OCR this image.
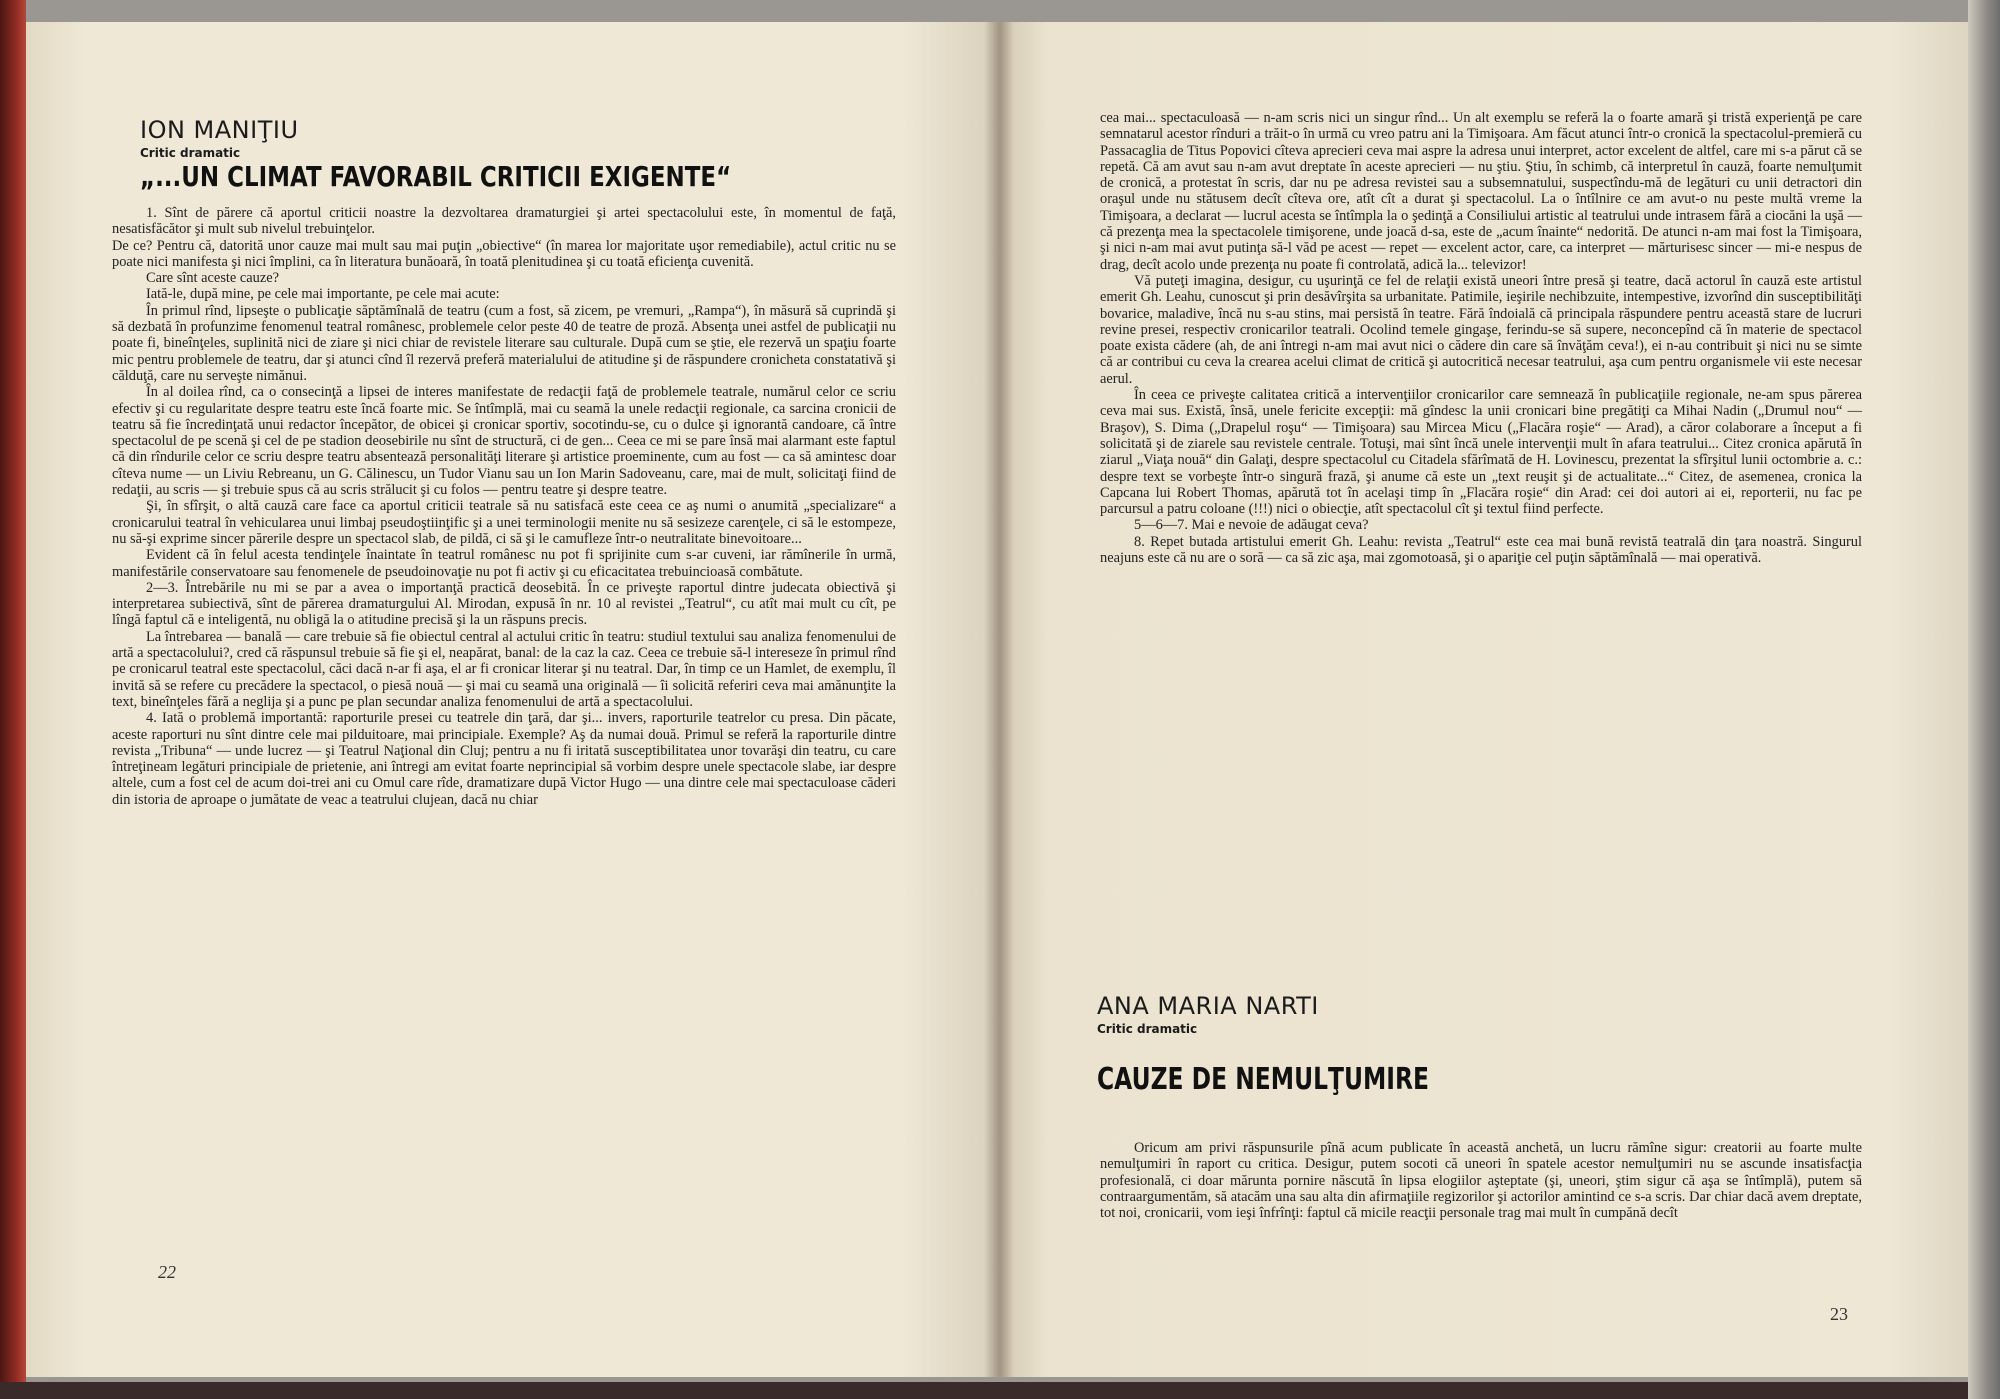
ION MANIŢIU
Critic dramatic
„...UN CLIMAT FAVORABIL CRITICII EXIGENTE“

1. Sînt de părere că aportul criticii noastre la dezvoltarea dramaturgiei şi artei spectacolului este, în momentul de faţă, nesatisfăcător şi mult sub nivelul trebuinţelor.

De ce? Pentru că, datorită unor cauze mai mult sau mai puţin „obiective“ (în marea lor majoritate uşor remediabile), actul critic nu se poate nici manifesta şi nici împlini, ca în literatura bunăoară, în toată plenitudinea şi cu toată eficienţa cuvenită.

Care sînt aceste cauze?

Iată-le, după mine, pe cele mai importante, pe cele mai acute:

În primul rînd, lipseşte o publicaţie săptămînală de teatru (cum a fost, să zicem, pe vremuri, „Rampa“), în măsură să cuprindă şi să dezbată în profunzime fenomenul teatral românesc, problemele celor peste 40 de teatre de proză. Absenţa unei astfel de publicaţii nu poate fi, bineînţeles, suplinită nici de ziare şi nici chiar de revistele literare sau culturale. După cum se ştie, ele rezervă un spaţiu foarte mic pentru problemele de teatru, dar şi atunci cînd îl rezervă preferă materialului de atitudine şi de răspundere cronicheta constatativă şi călduţă, care nu serveşte nimănui.

În al doilea rînd, ca o consecinţă a lipsei de interes manifestate de redacţii faţă de problemele teatrale, numărul celor ce scriu efectiv şi cu regularitate despre teatru este încă foarte mic. Se întîmplă, mai cu seamă la unele redacţii regionale, ca sarcina cronicii de teatru să fie încredinţată unui redactor începător, de obicei şi cronicar sportiv, socotindu-se, cu o dulce şi ignorantă candoare, că între spectacolul de pe scenă şi cel de pe stadion deosebirile nu sînt de structură, ci de gen... Ceea ce mi se pare însă mai alarmant este faptul că din rîndurile celor ce scriu despre teatru absentează personalităţi literare şi artistice proeminente, cum au fost — ca să amintesc doar cîteva nume — un Liviu Rebreanu, un G. Călinescu, un Tudor Vianu sau un Ion Marin Sadoveanu, care, mai de mult, solicitaţi fiind de redaţii, au scris — şi trebuie spus că au scris strălucit şi cu folos — pentru teatre şi despre teatre.

Şi, în sfîrşit, o altă cauză care face ca aportul criticii teatrale să nu satisfacă este ceea ce aş numi o anumită „specializare“ a cronicarului teatral în vehicularea unui limbaj pseudoştiinţific şi a unei terminologii menite nu să sesizeze carenţele, ci să le estompeze, nu să-şi exprime sincer părerile despre un spectacol slab, de pildă, ci să şi le camufleze într-o neutralitate binevoitoare...

Evident că în felul acesta tendinţele înaintate în teatrul românesc nu pot fi sprijinite cum s-ar cuveni, iar rămînerile în urmă, manifestările conservatoare sau fenomenele de pseudoinovaţie nu pot fi activ şi cu eficacitatea trebuincioasă combătute.

2—3. Întrebările nu mi se par a avea o importanţă practică deosebită. În ce priveşte raportul dintre judecata obiectivă şi interpretarea subiectivă, sînt de părerea dramaturgului Al. Mirodan, expusă în nr. 10 al revistei „Teatrul“, cu atît mai mult cu cît, pe lîngă faptul că e inteligentă, nu obligă la o atitudine precisă şi la un răspuns precis.

La întrebarea — banală — care trebuie să fie obiectul central al actului critic în teatru: studiul textului sau analiza fenomenului de artă a spectacolului?, cred că răspunsul trebuie să fie şi el, neapărat, banal: de la caz la caz. Ceea ce trebuie să-l intereseze în primul rînd pe cronicarul teatral este spectacolul, căci dacă n-ar fi aşa, el ar fi cronicar literar şi nu teatral. Dar, în timp ce un Hamlet, de exemplu, îl invită să se refere cu precădere la spectacol, o piesă nouă — şi mai cu seamă una originală — îi solicită referiri ceva mai amănunţite la text, bineînţeles fără a neglija şi a punc pe plan secundar analiza fenomenului de artă a spectacolului.

4. Iată o problemă importantă: raporturile presei cu teatrele din ţară, dar şi... invers, raporturile teatrelor cu presa. Din păcate, aceste raporturi nu sînt dintre cele mai pilduitoare, mai principiale. Exemple? Aş da numai două. Primul se referă la raporturile dintre revista „Tribuna“ — unde lucrez — şi Teatrul Naţional din Cluj; pentru a nu fi iritată susceptibilitatea unor tovarăşi din teatru, cu care întreţineam legături principiale de prietenie, ani întregi am evitat foarte neprincipial să vorbim despre unele spectacole slabe, iar despre altele, cum a fost cel de acum doi-trei ani cu Omul care rîde, dramatizare după Victor Hugo — una dintre cele mai spectaculoase căderi din istoria de aproape o jumătate de veac a teatrului clujean, dacă nu chiar

22

cea mai... spectaculoasă — n-am scris nici un singur rînd... Un alt exemplu se referă la o foarte amară şi tristă experienţă pe care semnatarul acestor rînduri a trăit-o în urmă cu vreo patru ani la Timişoara. Am făcut atunci într-o cronică la spectacolul-premieră cu Passacaglia de Titus Popovici cîteva aprecieri ceva mai aspre la adresa unui interpret, actor excelent de altfel, care mi s-a părut că se repetă. Că am avut sau n-am avut dreptate în aceste aprecieri — nu ştiu. Ştiu, în schimb, că interpretul în cauză, foarte nemulţumit de cronică, a protestat în scris, dar nu pe adresa revistei sau a subsemnatului, suspectîndu-mă de legături cu unii detractori din oraşul unde nu stătusem decît cîteva ore, atît cît a durat şi spectacolul. La o întîlnire ce am avut-o nu peste multă vreme la Timişoara, a declarat — lucrul acesta se întîmpla la o şedinţă a Consiliului artistic al teatrului unde intrasem fără a ciocăni la uşă — că prezenţa mea la spectacolele timişorene, unde joacă d-sa, este de „acum înainte“ nedorită. De atunci n-am mai fost la Timişoara, şi nici n-am mai avut putinţa să-l văd pe acest — repet — excelent actor, care, ca interpret — mărturisesc sincer — mi-e nespus de drag, decît acolo unde prezenţa nu poate fi controlată, adică la... televizor!

Vă puteţi imagina, desigur, cu uşurinţă ce fel de relaţii există uneori între presă şi teatre, dacă actorul în cauză este artistul emerit Gh. Leahu, cunoscut şi prin desăvîrşita sa urbanitate. Patimile, ieşirile nechibzuite, intempestive, izvorînd din susceptibilităţi bovarice, maladive, încă nu s-au stins, mai persistă în teatre. Fără îndoială că principala răspundere pentru această stare de lucruri revine presei, respectiv cronicarilor teatrali. Ocolind temele gingaşe, ferindu-se să supere, neconcepînd că în materie de spectacol poate exista cădere (ah, de ani întregi n-am mai avut nici o cădere din care să învăţăm ceva!), ei n-au contribuit şi nici nu se simte că ar contribui cu ceva la crearea acelui climat de critică şi autocritică necesar teatrului, aşa cum pentru organismele vii este necesar aerul.

În ceea ce priveşte calitatea critică a intervenţiilor cronicarilor care semnează în publicaţiile regionale, ne-am spus părerea ceva mai sus. Există, însă, unele fericite excepţii: mă gîndesc la unii cronicari bine pregătiţi ca Mihai Nadin („Drumul nou“ — Braşov), S. Dima („Drapelul roşu“ — Timişoara) sau Mircea Micu („Flacăra roşie“ — Arad), a căror colaborare a început a fi solicitată şi de ziarele sau revistele centrale. Totuşi, mai sînt încă unele intervenţii mult în afara teatrului... Citez cronica apărută în ziarul „Viaţa nouă“ din Galaţi, despre spectacolul cu Citadela sfărîmată de H. Lovinescu, prezentat la sfîrşitul lunii octombrie a. c.: despre text se vorbeşte într-o singură frază, şi anume că este un „text reuşit şi de actualitate...“ Citez, de asemenea, cronica la Capcana lui Robert Thomas, apărută tot în acelaşi timp în „Flacăra roşie“ din Arad: cei doi autori ai ei, reporterii, nu fac pe parcursul a patru coloane (!!!) nici o obiecţie, atît spectacolul cît şi textul fiind perfecte.

5—6—7. Mai e nevoie de adăugat ceva?

8. Repet butada artistului emerit Gh. Leahu: revista „Teatrul“ este cea mai bună revistă teatrală din ţara noastră. Singurul neajuns este că nu are o soră — ca să zic aşa, mai zgomotoasă, şi o apariţie cel puţin săptămînală — mai operativă.

ANA MARIA NARTI
Critic dramatic
CAUZE DE NEMULŢUMIRE

Oricum am privi răspunsurile pînă acum publicate în această anchetă, un lucru rămîne sigur: creatorii au foarte multe nemulţumiri în raport cu critica. Desigur, putem socoti că uneori în spatele acestor nemulţumiri nu se ascunde insatisfacţia profesională, ci doar mărunta pornire născută în lipsa elogiilor aşteptate (şi, uneori, ştim sigur că aşa se întîmplă), putem să contraargumentăm, să atacăm una sau alta din afirmaţiile regizorilor şi actorilor amintind ce s-a scris. Dar chiar dacă avem dreptate, tot noi, cronicarii, vom ieşi înfrînţi: faptul că micile reacţii personale trag mai mult în cumpănă decît

23
